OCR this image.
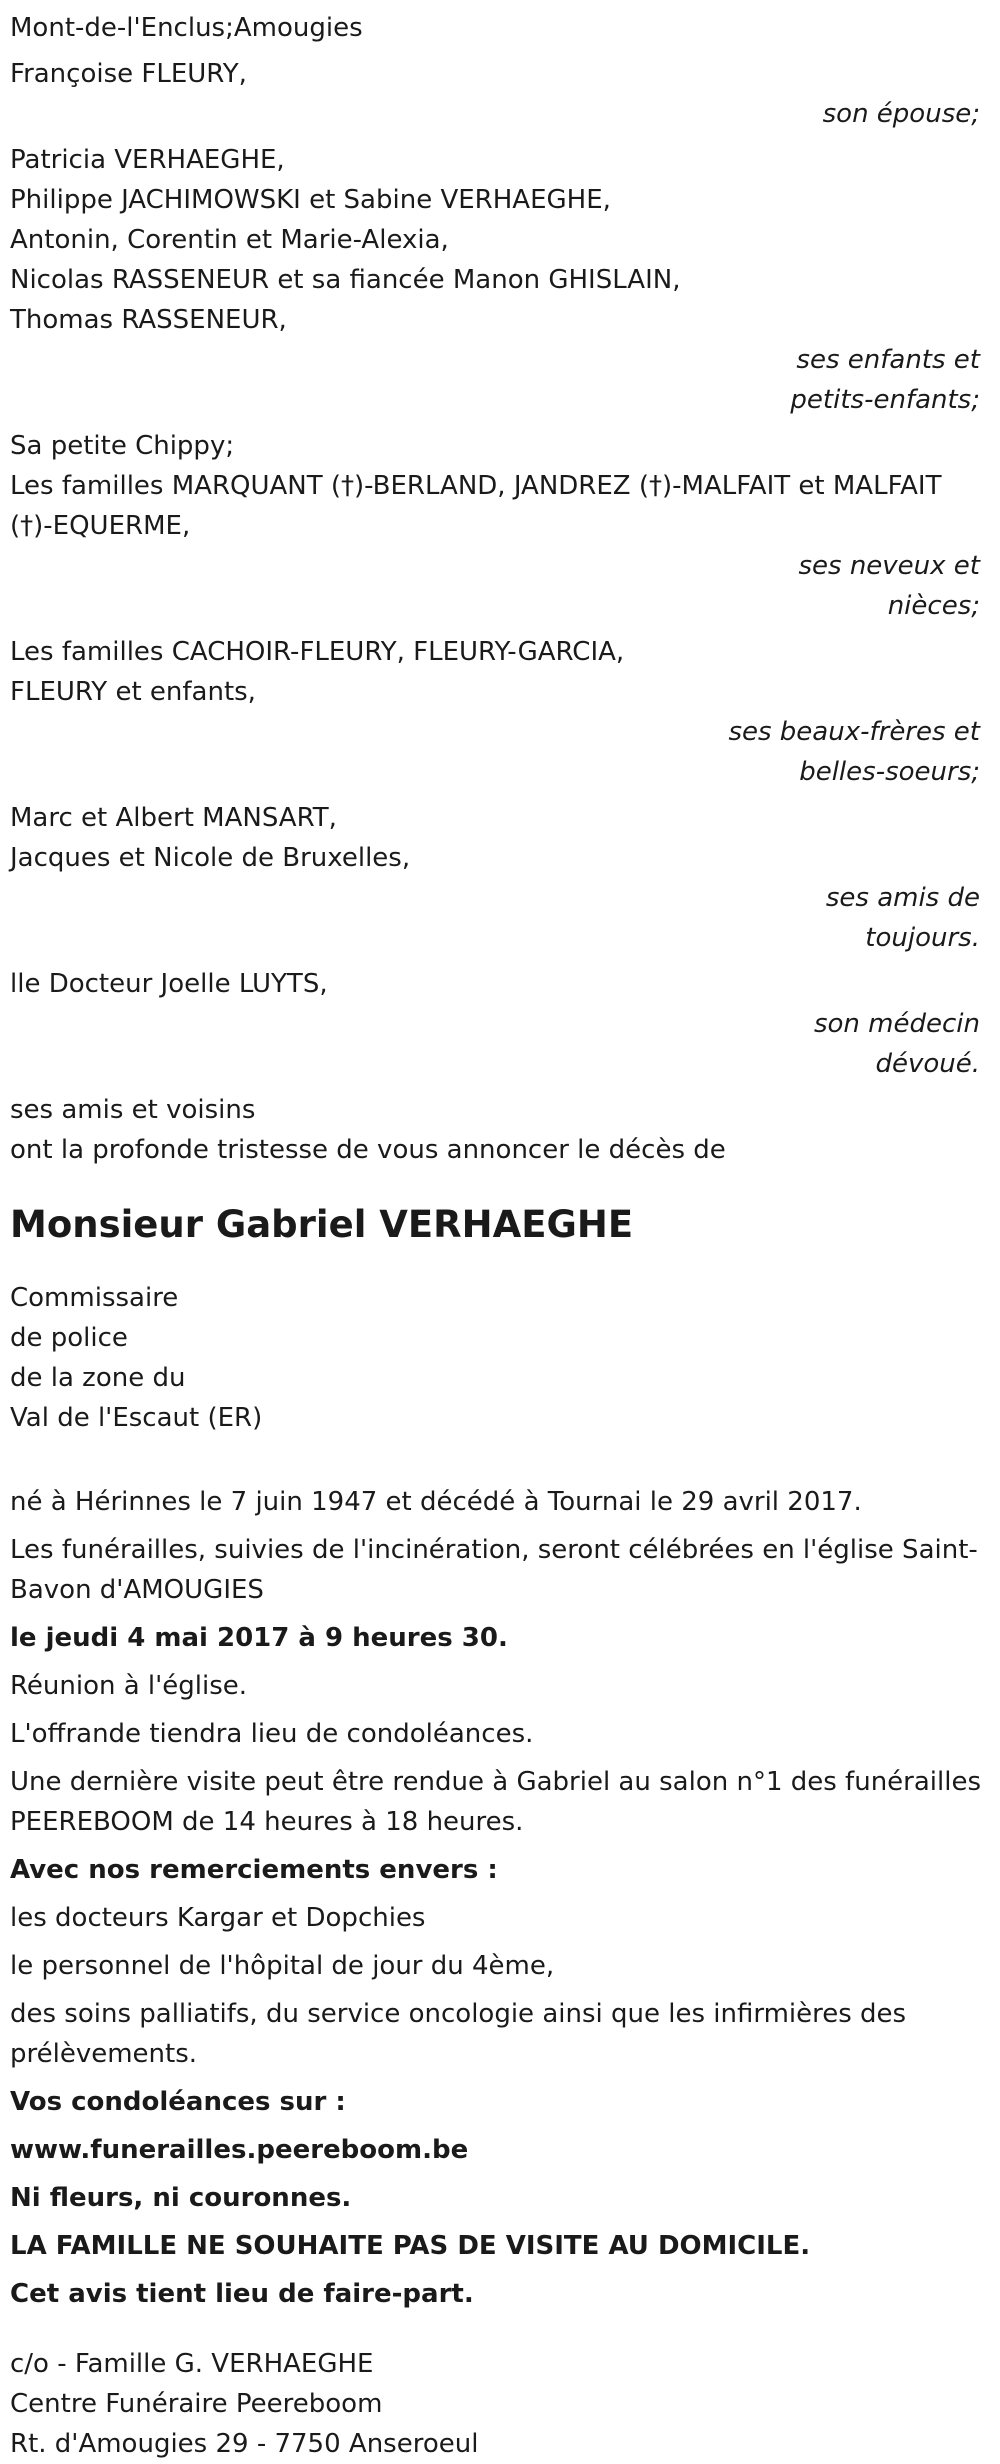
Mont-de-l'Enclus;Amougies
Françoise FLEURY,
son épouse;
Patricia VERHAEGHE,
Philippe JACHIMOWSKI et Sabine VERHAEGHE,
Antonin, Corentin et Marie-Alexia,
Nicolas RASSENEUR et sa fiancée Manon GHISLAIN,
Thomas RASSENEUR,
ses enfants et
petits-enfants;
Sa petite Chippy;
Les familles MARQUANT (†)-BERLAND, JANDREZ (†)-MALFAIT et MALFAIT
(†)-EQUERME,
ses neveux et
nièces;
Les familles CACHOIR-FLEURY, FLEURY-GARCIA,
FLEURY et enfants,
ses beaux-frères et
belles-soeurs;
Marc et Albert MANSART,
Jacques et Nicole de Bruxelles,
ses amis de
toujours.
lle Docteur Joelle LUYTS,
son médecin
dévoué.
ses amis et voisins
ont la profonde tristesse de vous annoncer le décès de
Monsieur Gabriel VERHAEGHE
Commissaire
de police
de la zone du
Val de l'Escaut (ER)
né à Hérinnes le 7 juin 1947 et décédé à Tournai le 29 avril 2017.
Les funérailles, suivies de l'incinération, seront célébrées en l'église Saint-Bavon d'AMOUGIES
le jeudi 4 mai 2017 à 9 heures 30.
Réunion à l'église.
L'offrande tiendra lieu de condoléances.
Une dernière visite peut être rendue à Gabriel au salon n°1 des funérailles PEEREBOOM de 14 heures à 18 heures.
Avec nos remerciements envers :
les docteurs Kargar et Dopchies
le personnel de l'hôpital de jour du 4ème,
des soins palliatifs, du service oncologie ainsi que les infirmières des prélèvements.
Vos condoléances sur :
www.funerailles.peereboom.be
Ni fleurs, ni couronnes.
LA FAMILLE NE SOUHAITE PAS DE VISITE AU DOMICILE.
Cet avis tient lieu de faire-part.
c/o - Famille G. VERHAEGHE
Centre Funéraire Peereboom
Rt. d'Amougies 29 - 7750 Anseroeul
